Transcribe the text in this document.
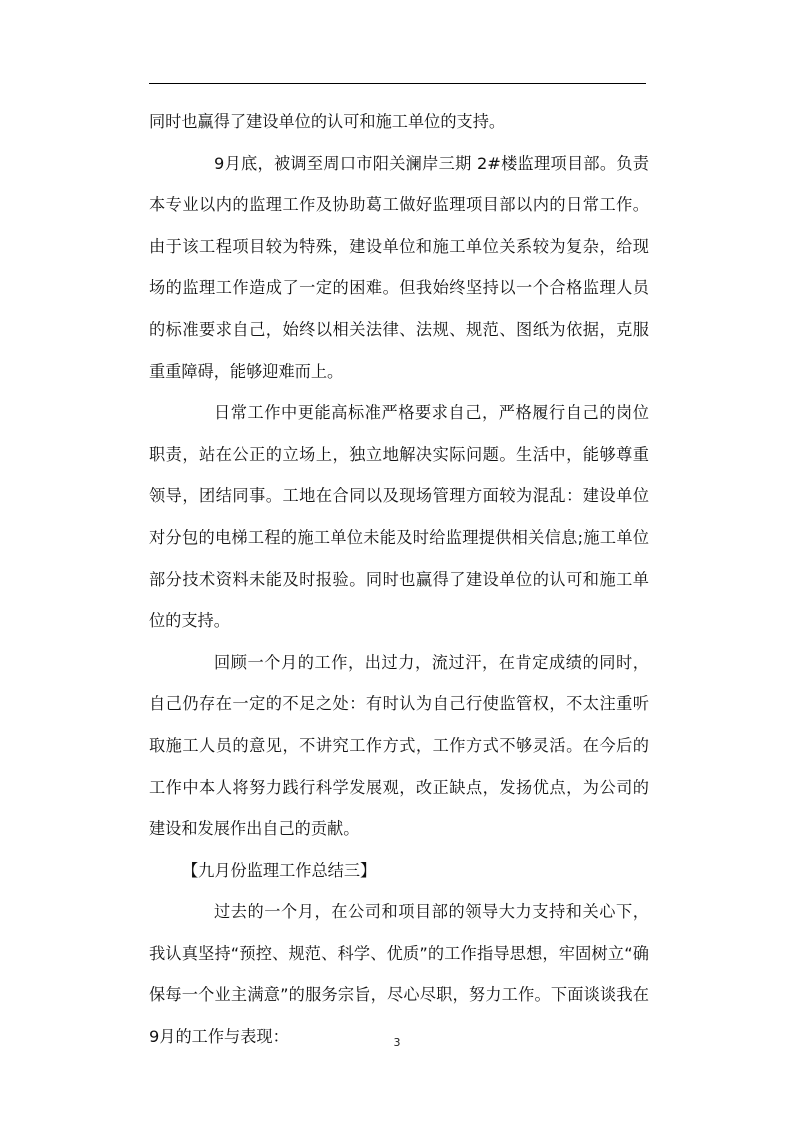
同时也赢得了建设单位的认可和施工单位的支持。

9月底，被调至周口市阳关澜岸三期 2#楼监理项目部。负责本专业以内的监理工作及协助葛工做好监理项目部以内的日常工作。由于该工程项目较为特殊，建设单位和施工单位关系较为复杂，给现场的监理工作造成了一定的困难。但我始终坚持以一个合格监理人员的标准要求自己，始终以相关法律、法规、规范、图纸为依据，克服重重障碍，能够迎难而上。

日常工作中更能高标准严格要求自己，严格履行自己的岗位职责，站在公正的立场上，独立地解决实际问题。生活中，能够尊重领导，团结同事。工地在合同以及现场管理方面较为混乱：建设单位对分包的电梯工程的施工单位未能及时给监理提供相关信息;施工单位部分技术资料未能及时报验。同时也赢得了建设单位的认可和施工单位的支持。

回顾一个月的工作，出过力，流过汗，在肯定成绩的同时，自己仍存在一定的不足之处：有时认为自己行使监管权，不太注重听取施工人员的意见，不讲究工作方式，工作方式不够灵活。在今后的工作中本人将努力践行科学发展观，改正缺点，发扬优点，为公司的建设和发展作出自己的贡献。

【九月份监理工作总结三】

过去的一个月，在公司和项目部的领导大力支持和关心下，我认真坚持“预控、规范、科学、优质”的工作指导思想，牢固树立“确保每一个业主满意”的服务宗旨，尽心尽职，努力工作。下面谈谈我在9月的工作与表现：	3
